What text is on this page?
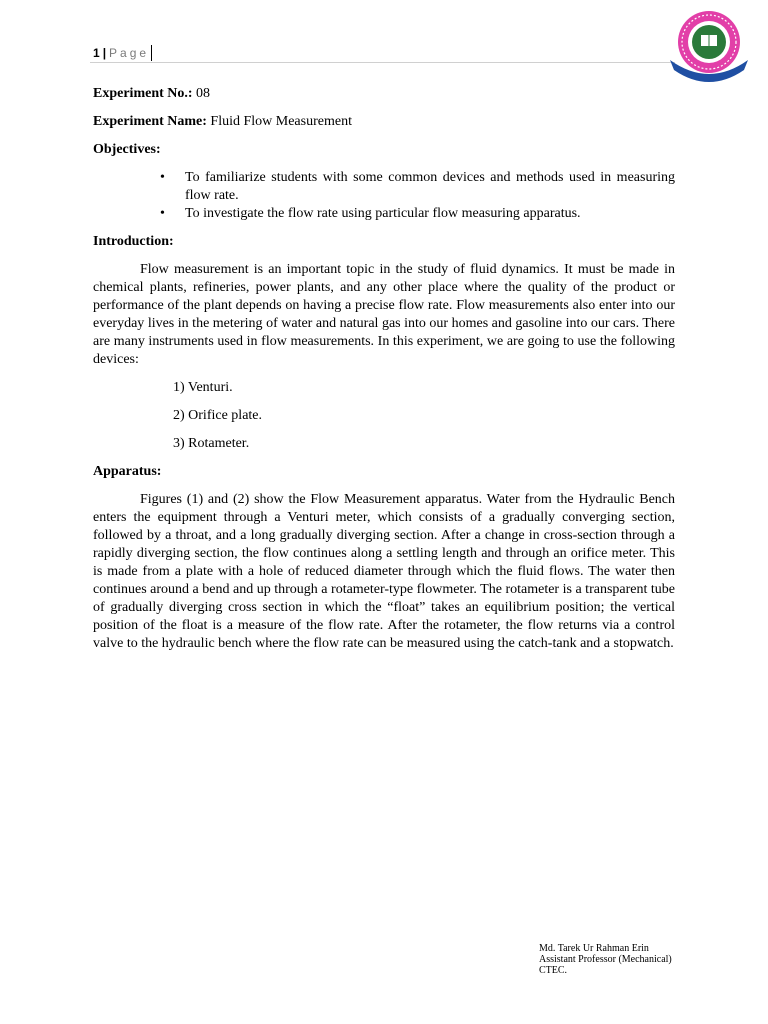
1 | Page

Experiment No.: 08

Experiment Name: Fluid Flow Measurement

Objectives:

• To familiarize students with some common devices and methods used in measuring flow rate.
• To investigate the flow rate using particular flow measuring apparatus.

Introduction:

Flow measurement is an important topic in the study of fluid dynamics. It must be made in chemical plants, refineries, power plants, and any other place where the quality of the product or performance of the plant depends on having a precise flow rate. Flow measurements also enter into our everyday lives in the metering of water and natural gas into our homes and gasoline into our cars. There are many instruments used in flow measurements. In this experiment, we are going to use the following devices:

1) Venturi.

2) Orifice plate.

3) Rotameter.

Apparatus:

Figures (1) and (2) show the Flow Measurement apparatus. Water from the Hydraulic Bench enters the equipment through a Venturi meter, which consists of a gradually converging section, followed by a throat, and a long gradually diverging section. After a change in cross-section through a rapidly diverging section, the flow continues along a settling length and through an orifice meter. This is made from a plate with a hole of reduced diameter through which the fluid flows. The water then continues around a bend and up through a rotameter-type flowmeter. The rotameter is a transparent tube of gradually diverging cross section in which the “float” takes an equilibrium position; the vertical position of the float is a measure of the flow rate. After the rotameter, the flow returns via a control valve to the hydraulic bench where the flow rate can be measured using the catch-tank and a stopwatch.

Md. Tarek Ur Rahman Erin
Assistant Professor (Mechanical)
CTEC.
